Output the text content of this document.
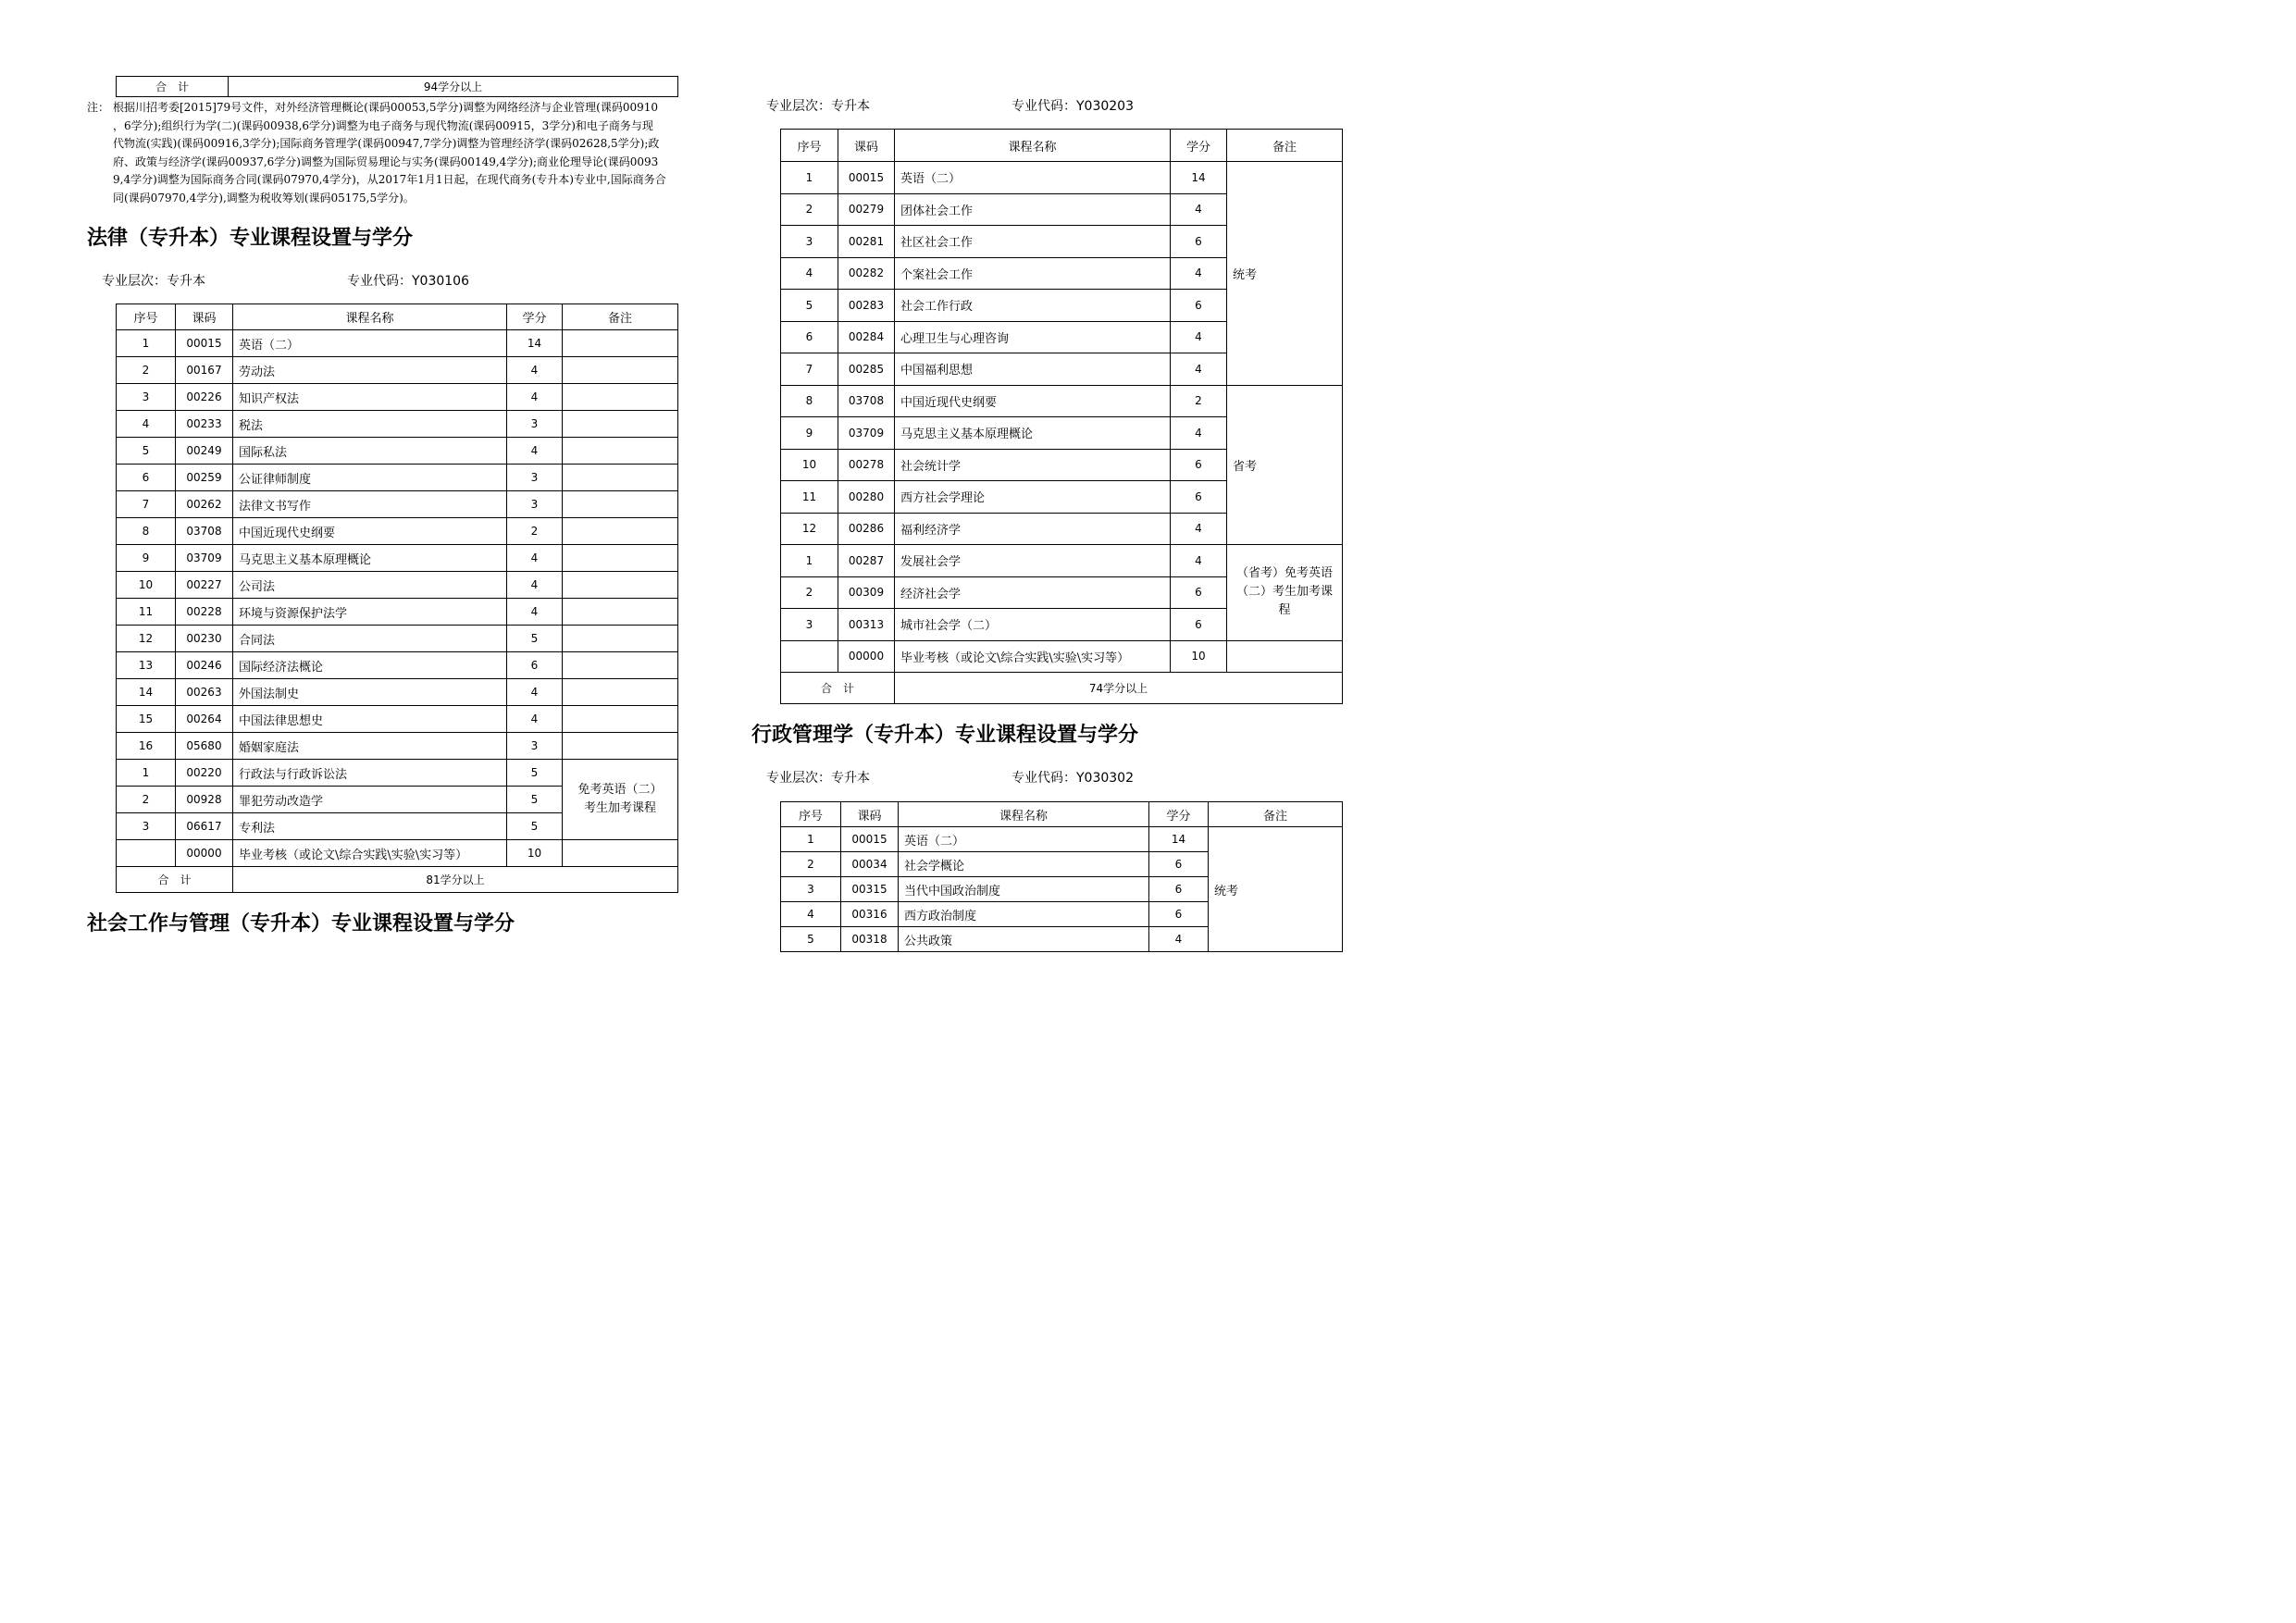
合　计	94学分以上
注： 根据川招考委[2015]79号文件，对外经济管理概论(课码00053,5学分)调整为网络经济与企业管理(课码00910
，6学分);组织行为学(二)(课码00938,6学分)调整为电子商务与现代物流(课码00915，3学分)和电子商务与现
代物流(实践)(课码00916,3学分);国际商务管理学(课码00947,7学分)调整为管理经济学(课码02628,5学分);政
府、政策与经济学(课码00937,6学分)调整为国际贸易理论与实务(课码00149,4学分);商业伦理导论(课码0093
9,4学分)调整为国际商务合同(课码07970,4学分)，从2017年1月1日起，在现代商务(专升本)专业中,国际商务合
同(课码07970,4学分),调整为税收筹划(课码05175,5学分)。
法律（专升本）专业课程设置与学分
专业层次：专升本	专业代码：Y030106
序号	课码	课程名称	学分	备注
1	00015	英语（二）	14	
2	00167	劳动法	4	
3	00226	知识产权法	4	
4	00233	税法	3	
5	00249	国际私法	4	
6	00259	公证律师制度	3	
7	00262	法律文书写作	3	
8	03708	中国近现代史纲要	2	
9	03709	马克思主义基本原理概论	4	
10	00227	公司法	4	
11	00228	环境与资源保护法学	4	
12	00230	合同法	5	
13	00246	国际经济法概论	6	
14	00263	外国法制史	4	
15	00264	中国法律思想史	4	
16	05680	婚姻家庭法	3	
1	00220	行政法与行政诉讼法	5	免考英语（二）考生加考课程
2	00928	罪犯劳动改造学	5	
3	06617	专利法	5	
	00000	毕业考核（或论文\综合实践\实验\实习等）	10	
合　计		81学分以上		
社会工作与管理（专升本）专业课程设置与学分
专业层次：专升本	专业代码：Y030203
序号	课码	课程名称	学分	备注
1	00015	英语（二）	14	统考
2	00279	团体社会工作	4	
3	00281	社区社会工作	6	
4	00282	个案社会工作	4	
5	00283	社会工作行政	6	
6	00284	心理卫生与心理咨询	4	
7	00285	中国福利思想	4	
8	03708	中国近现代史纲要	2	省考
9	03709	马克思主义基本原理概论	4	
10	00278	社会统计学	6	
11	00280	西方社会学理论	6	
12	00286	福利经济学	4	
1	00287	发展社会学	4	（省考）免考英语（二）考生加考课程
2	00309	经济社会学	6	
3	00313	城市社会学（二）	6	
	00000	毕业考核（或论文\综合实践\实验\实习等）	10	
合　计		74学分以上		
行政管理学（专升本）专业课程设置与学分
专业层次：专升本	专业代码：Y030302
序号	课码	课程名称	学分	备注
1	00015	英语（二）	14	统考
2	00034	社会学概论	6	
3	00315	当代中国政治制度	6	
4	00316	西方政治制度	6	
5	00318	公共政策	4	
